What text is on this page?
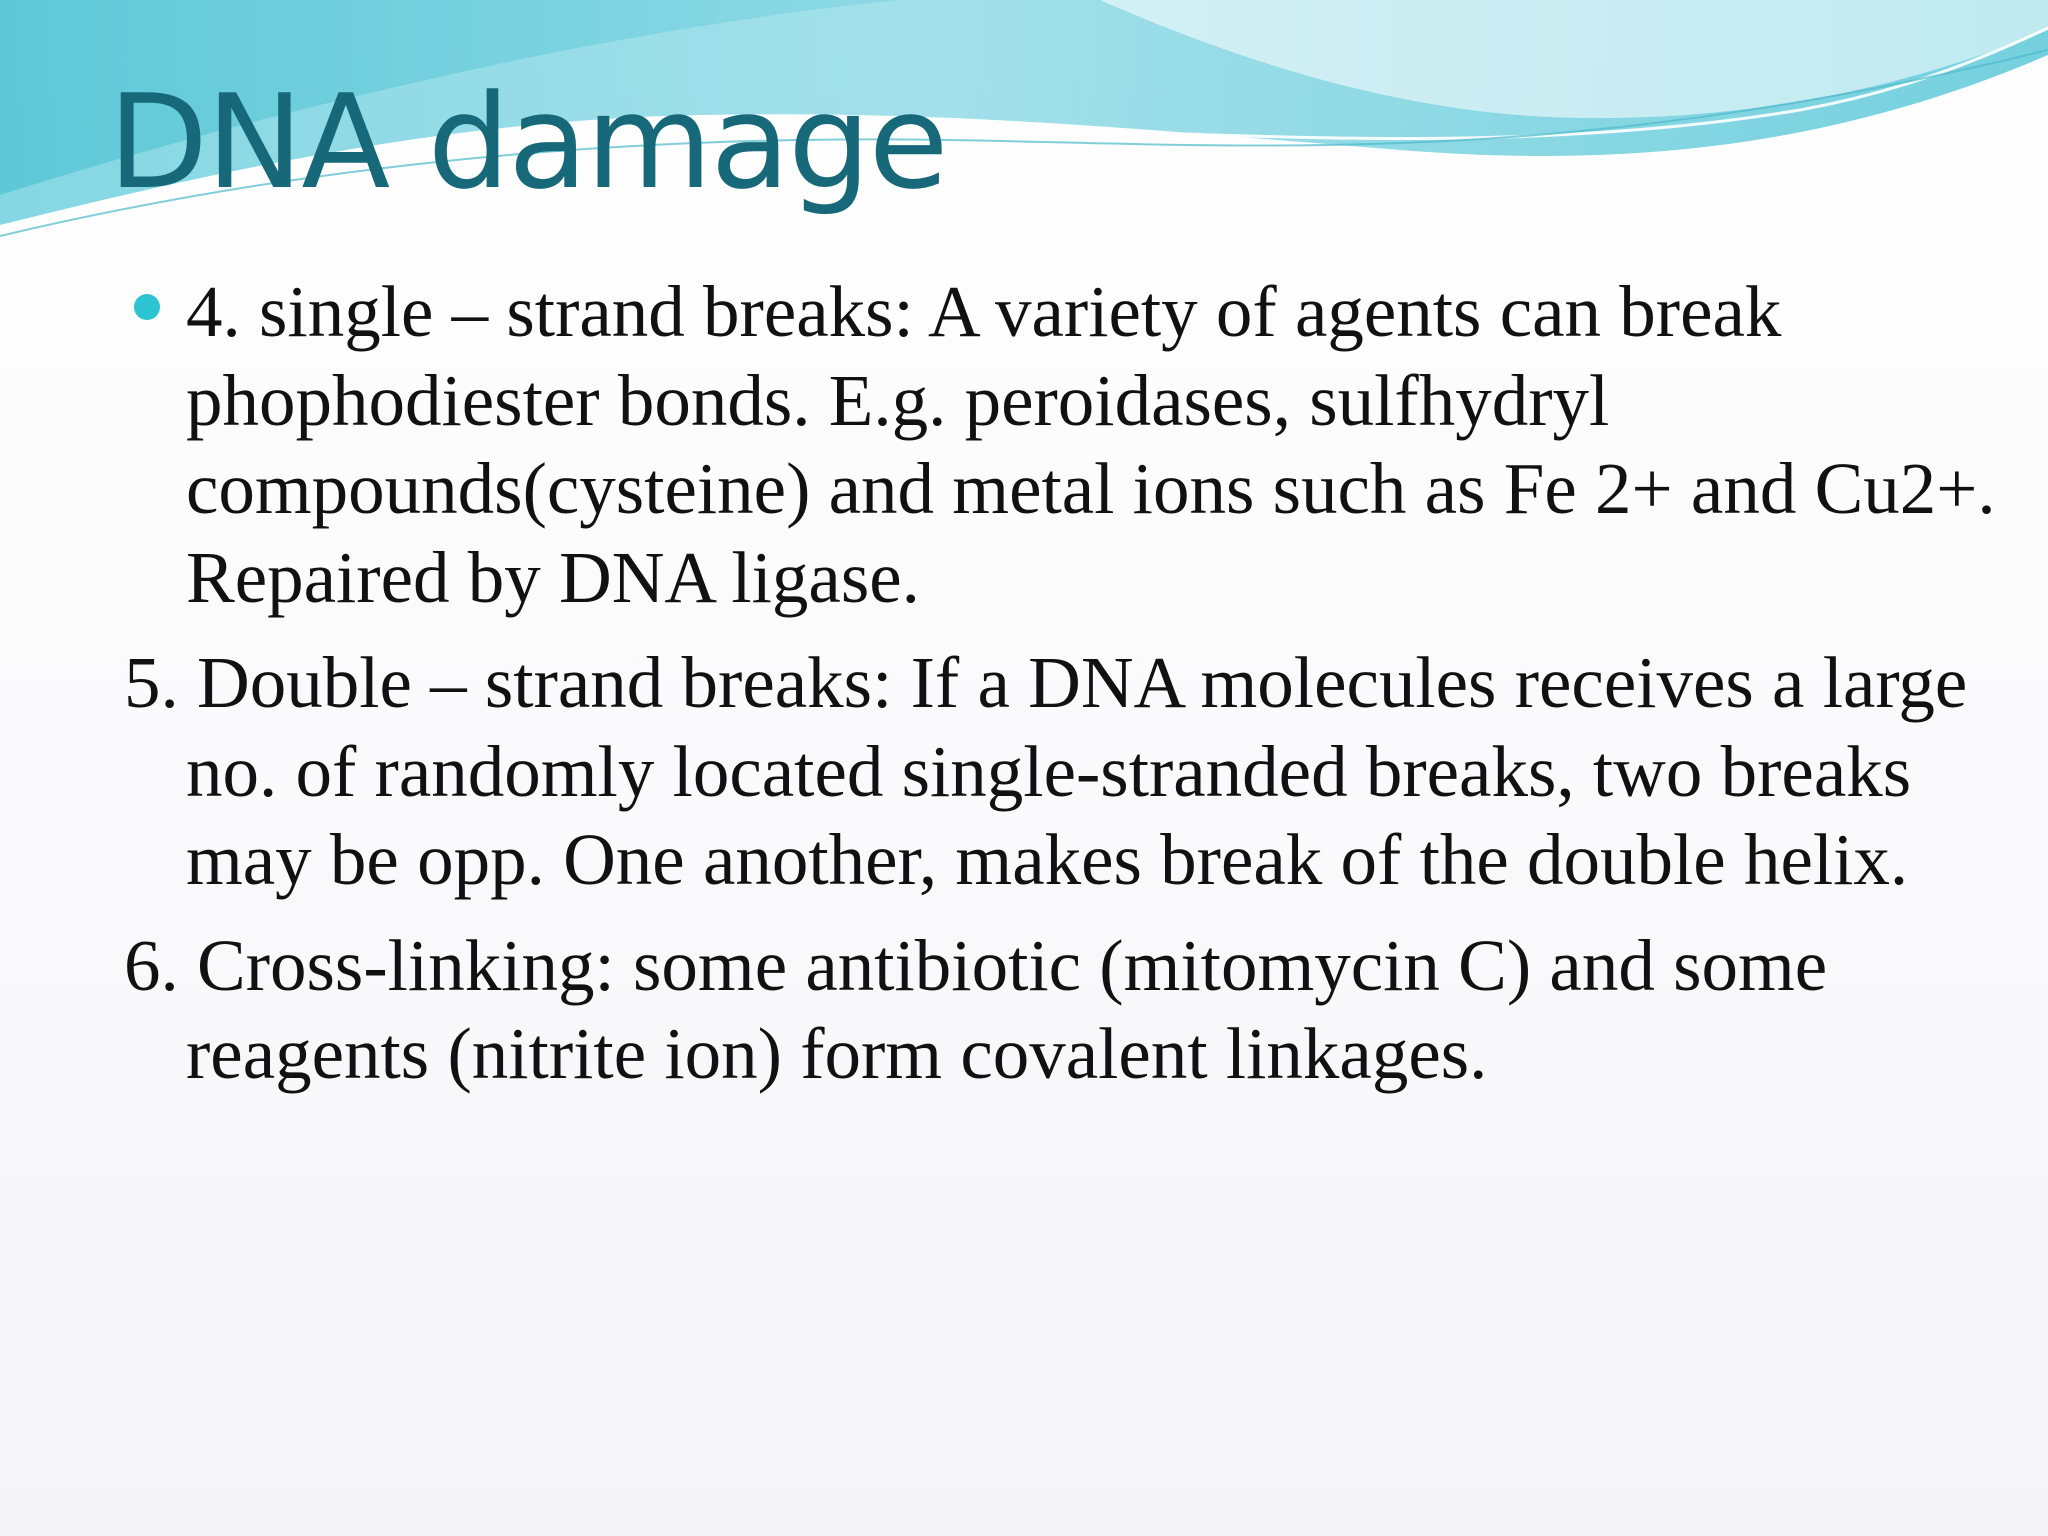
DNA damage

4. single – strand breaks: A variety of agents can break phophodiester bonds. E.g. peroidases, sulfhydryl compounds(cysteine) and metal ions such as Fe 2+ and Cu2+. Repaired by DNA ligase.

5. Double – strand breaks: If a DNA molecules receives a large no. of randomly located single-stranded breaks, two breaks may be opp. One another, makes break of the double helix.

6. Cross-linking: some antibiotic (mitomycin C) and some reagents (nitrite ion) form covalent linkages.
